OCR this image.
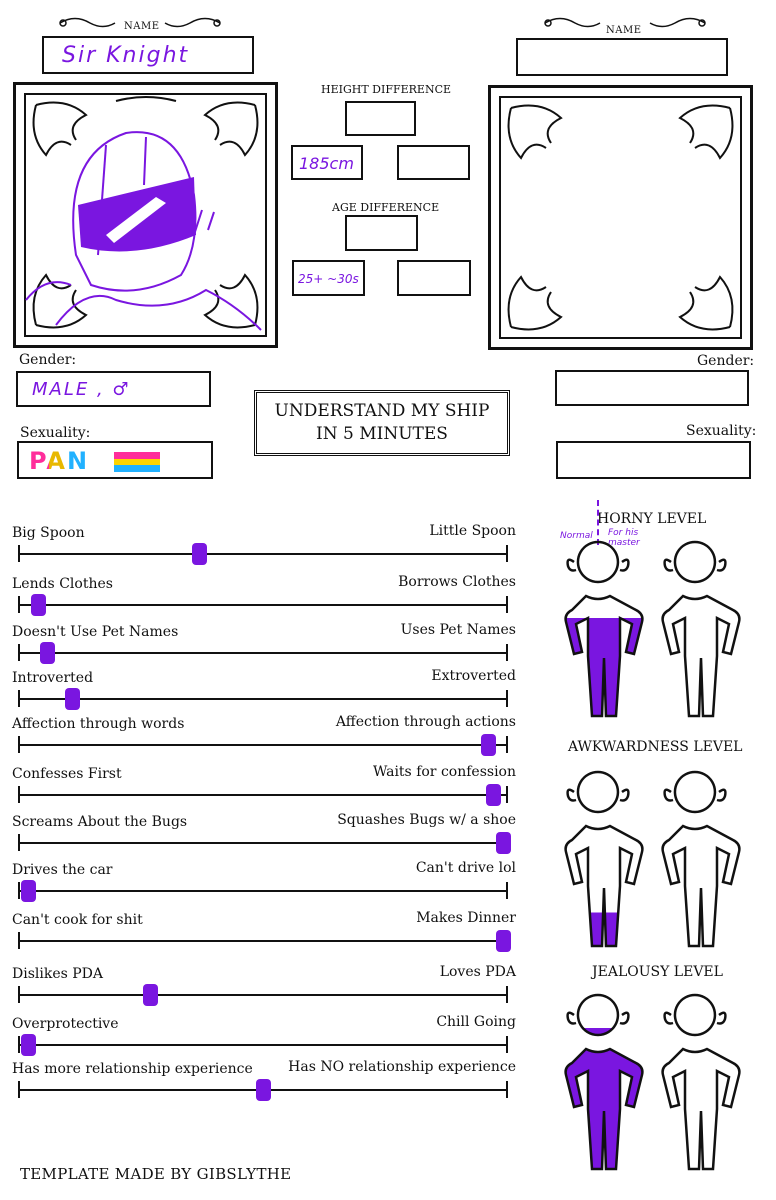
NAME
Sir Knight
NAME
HEIGHT DIFFERENCE
185cm
AGE DIFFERENCE
25+ ~30s
UNDERSTAND MY SHIP
IN 5 MINUTES
Gender:
MALE , ♂
Sexuality:
PAN
Gender:
Sexuality:
Big Spoon	Little Spoon
Lends Clothes	Borrows Clothes
Doesn't Use Pet Names	Uses Pet Names
Introverted	Extroverted
Affection through words	Affection through actions
Confesses First	Waits for confession
Screams About the Bugs	Squashes Bugs w/ a shoe
Drives the car	Can't drive lol
Can't cook for shit	Makes Dinner
Dislikes PDA	Loves PDA
Overprotective	Chill Going
Has more relationship experience	Has NO relationship experience
HORNY LEVEL
Normal For his master
AWKWARDNESS LEVEL
JEALOUSY LEVEL
TEMPLATE MADE BY GIBSLYTHE
